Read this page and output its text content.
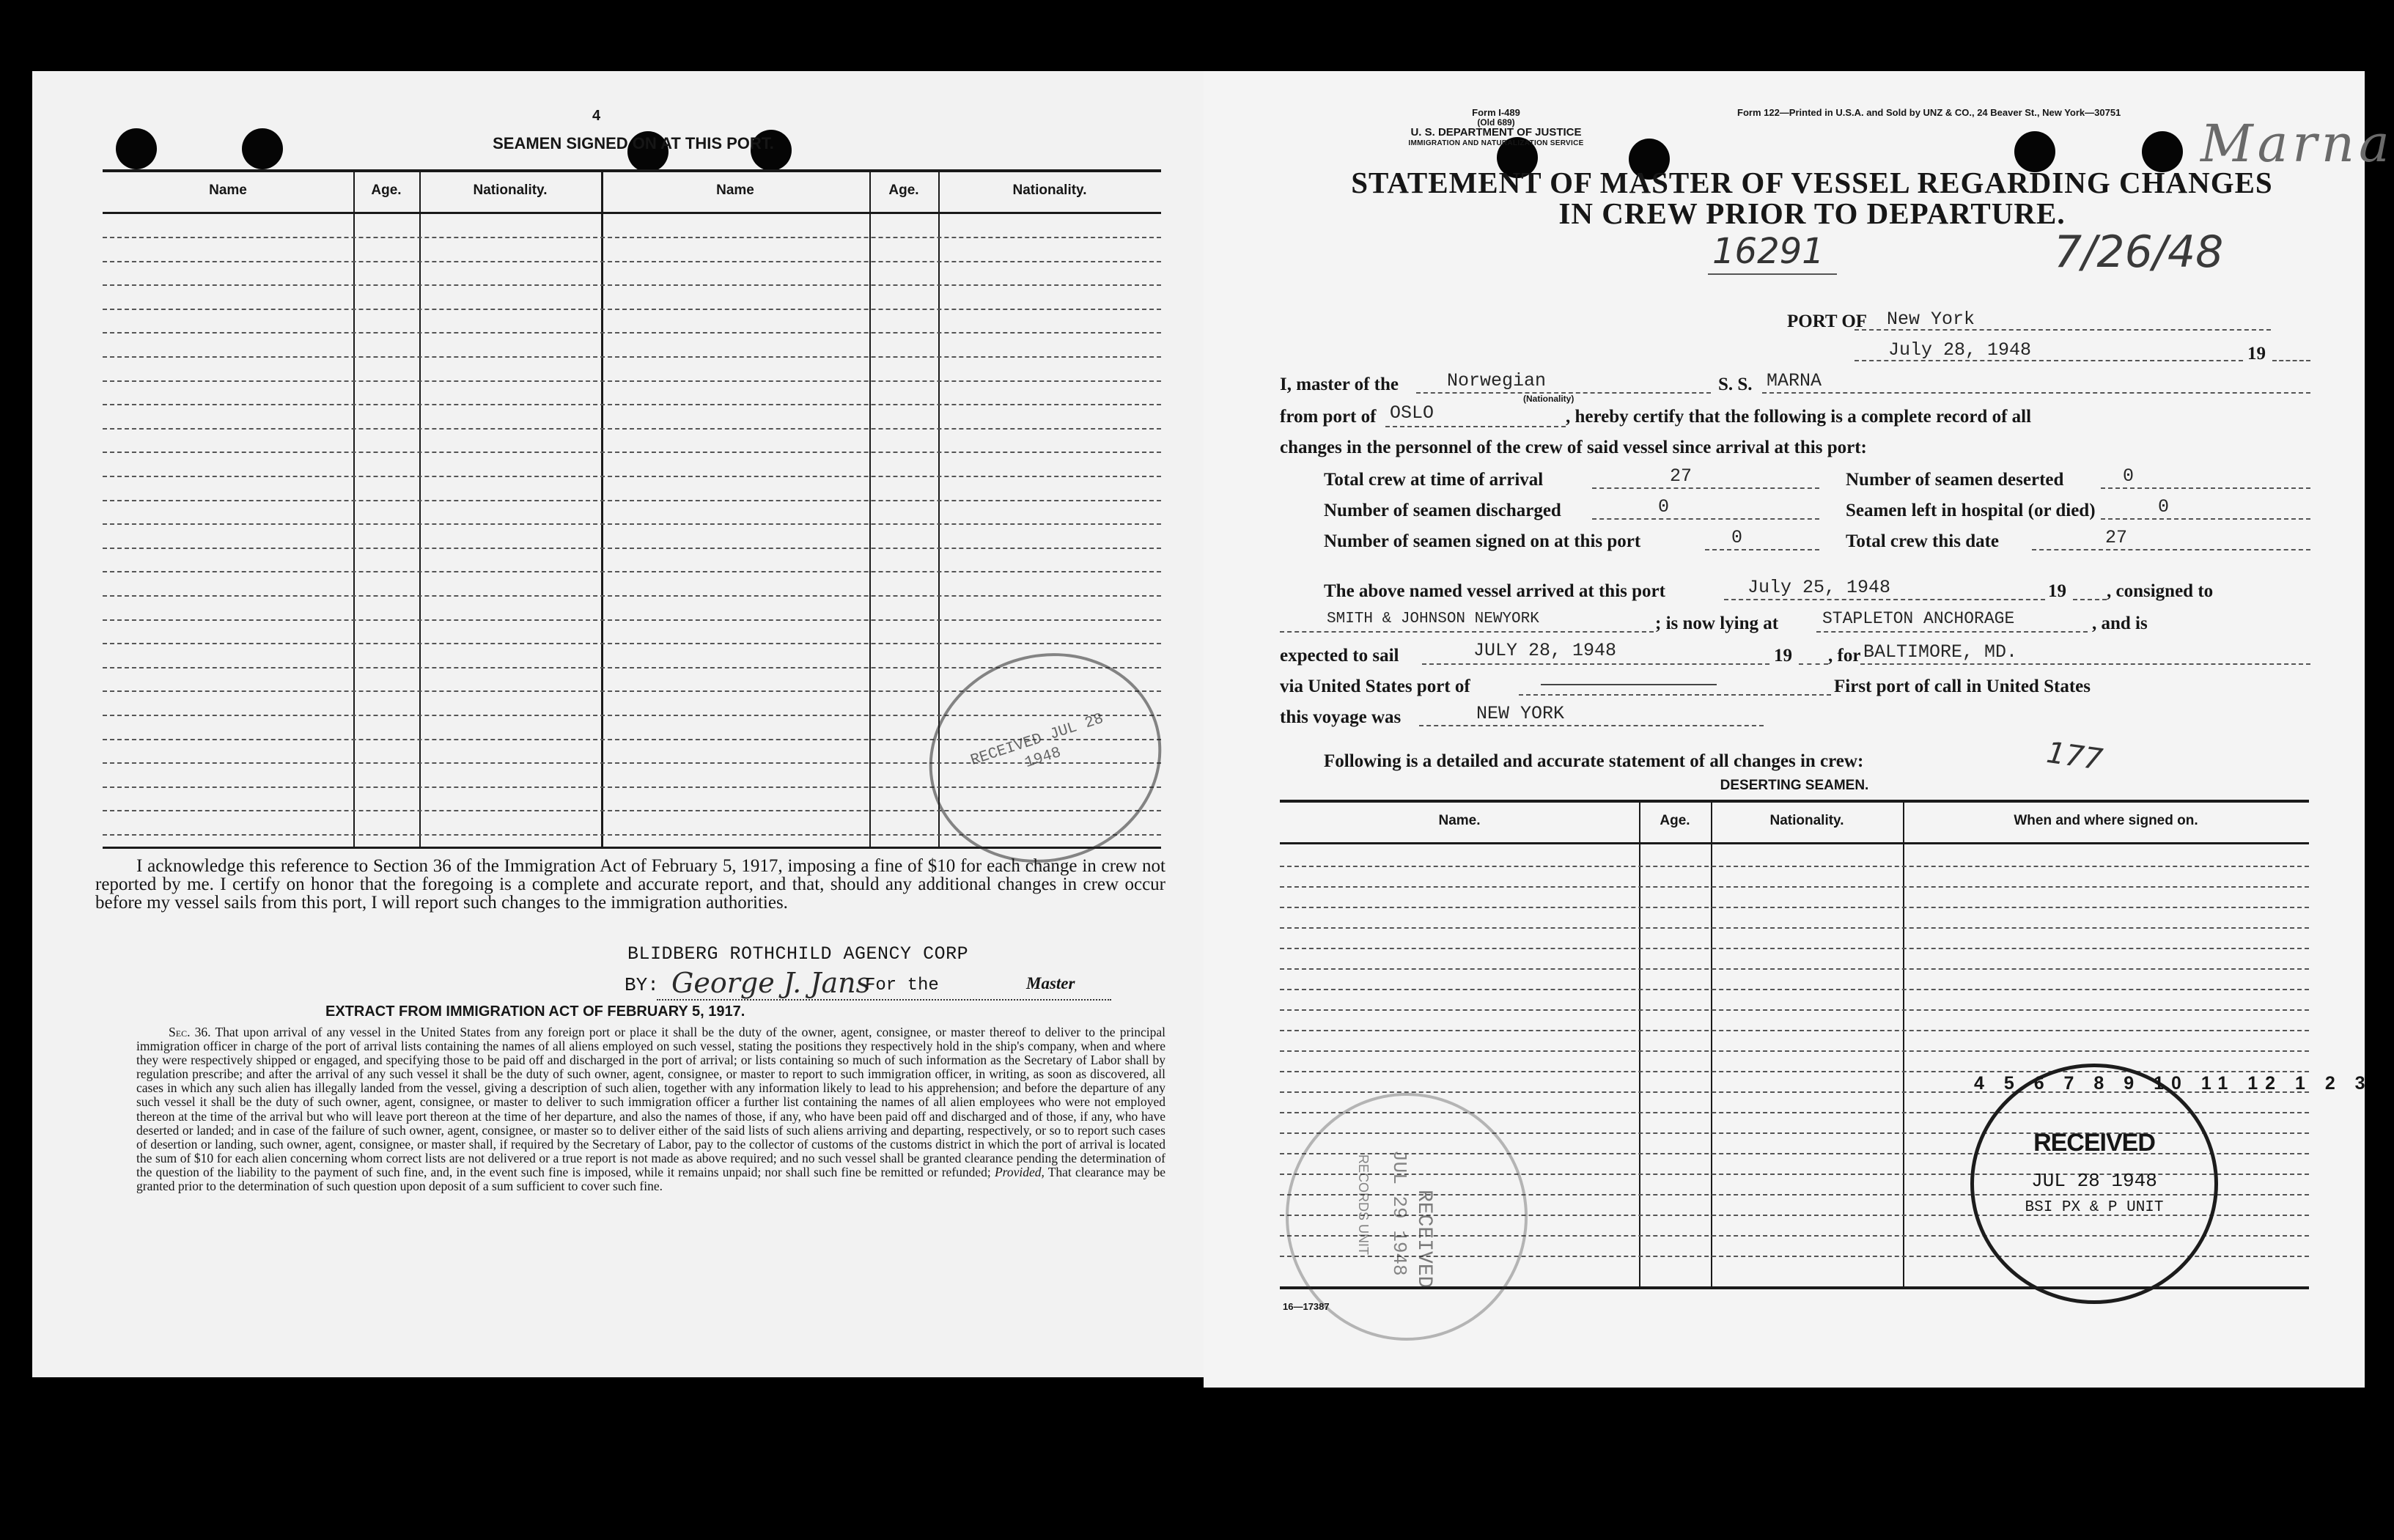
4
SEAMEN SIGNED ON AT THIS PORT.
Name	Age.	Nationality.	Name	Age.	Nationality.
RECEIVED JUL 28 1948
I acknowledge this reference to Section 36 of the Immigration Act of February 5, 1917, imposing a fine of $10 for each change in crew not reported by me. I certify on honor that the foregoing is a complete and accurate report, and that, should any additional changes in crew occur before my vessel sails from this port, I will report such changes to the immigration authorities.
BLIDBERG ROTHCHILD AGENCY CORP
BY: George J. Jans
For the	Master
EXTRACT FROM IMMIGRATION ACT OF FEBRUARY 5, 1917.
Sec. 36. That upon arrival of any vessel in the United States from any foreign port or place it shall be the duty of the owner, agent, consignee, or master thereof to deliver to the principal immigration officer in charge of the port of arrival lists containing the names of all aliens employed on such vessel, stating the positions they respectively hold in the ship's company, when and where they were respectively shipped or engaged, and specifying those to be paid off and discharged in the port of arrival; or lists containing so much of such information as the Secretary of Labor shall by regulation prescribe; and after the arrival of any such vessel it shall be the duty of such owner, agent, consignee, or master to report to such immigration officer, in writing, as soon as discovered, all cases in which any such alien has illegally landed from the vessel, giving a description of such alien, together with any information likely to lead to his apprehension; and before the departure of any such vessel it shall be the duty of such owner, agent, consignee, or master to deliver to such immigration officer a further list containing the names of all alien employees who were not employed thereon at the time of the arrival but who will leave port thereon at the time of her departure, and also the names of those, if any, who have been paid off and discharged and of those, if any, who have deserted or landed; and in case of the failure of such owner, agent, consignee, or master so to deliver either of the said lists of such aliens arriving and departing, respectively, or so to report such cases of desertion or landing, such owner, agent, consignee, or master shall, if required by the Secretary of Labor, pay to the collector of customs of the customs district in which the port of arrival is located the sum of $10 for each alien concerning whom correct lists are not delivered or a true report is not made as above required; and no such vessel shall be granted clearance pending the determination of the question of the liability to the payment of such fine, and, in the event such fine is imposed, while it remains unpaid; nor shall such fine be remitted or refunded; Provided, That clearance may be granted prior to the determination of such question upon deposit of a sum sufficient to cover such fine.
Form I-489
(Old 689)
U. S. DEPARTMENT OF JUSTICE
IMMIGRATION AND NATURALIZATION SERVICE
Form 122—Printed in U.S.A. and Sold by UNZ & CO., 24 Beaver St., New York—30751
STATEMENT OF MASTER OF VESSEL REGARDING CHANGES
IN CREW PRIOR TO DEPARTURE.
16291	7/26/48
Marna
PORT OF New York
July 28, 1948	19
I, master of the	Norwegian
(Nationality)
S. S. MARNA
from port of OSLO	, hereby certify that the following is a complete record of all
changes in the personnel of the crew of said vessel since arrival at this port:
Total crew at time of arrival	27	Number of seamen deserted	0
Number of seamen discharged	0	Seamen left in hospital (or died)	0
Number of seamen signed on at this port	0	Total crew this date	27
The above named vessel arrived at this port	July 25, 1948	19 , consigned to
SMITH & JOHNSON NEWYORK	; is now lying at	STAPLETON ANCHORAGE	, and is
expected to sail	JULY 28, 1948	19 , for BALTIMORE, MD.
via United States port of	First port of call in United States
this voyage was	NEW YORK
Following is a detailed and accurate statement of all changes in crew:	177
DESERTING SEAMEN.
Name.	Age.	Nationality.	When and where signed on.
RECEIVED
JUL 29 1948
RECORDS UNIT
4 5 6 7 8 9 10 11 12 1 2 3
RECEIVED
JUL 28 1948
BSI PX & P UNIT
16—17387
